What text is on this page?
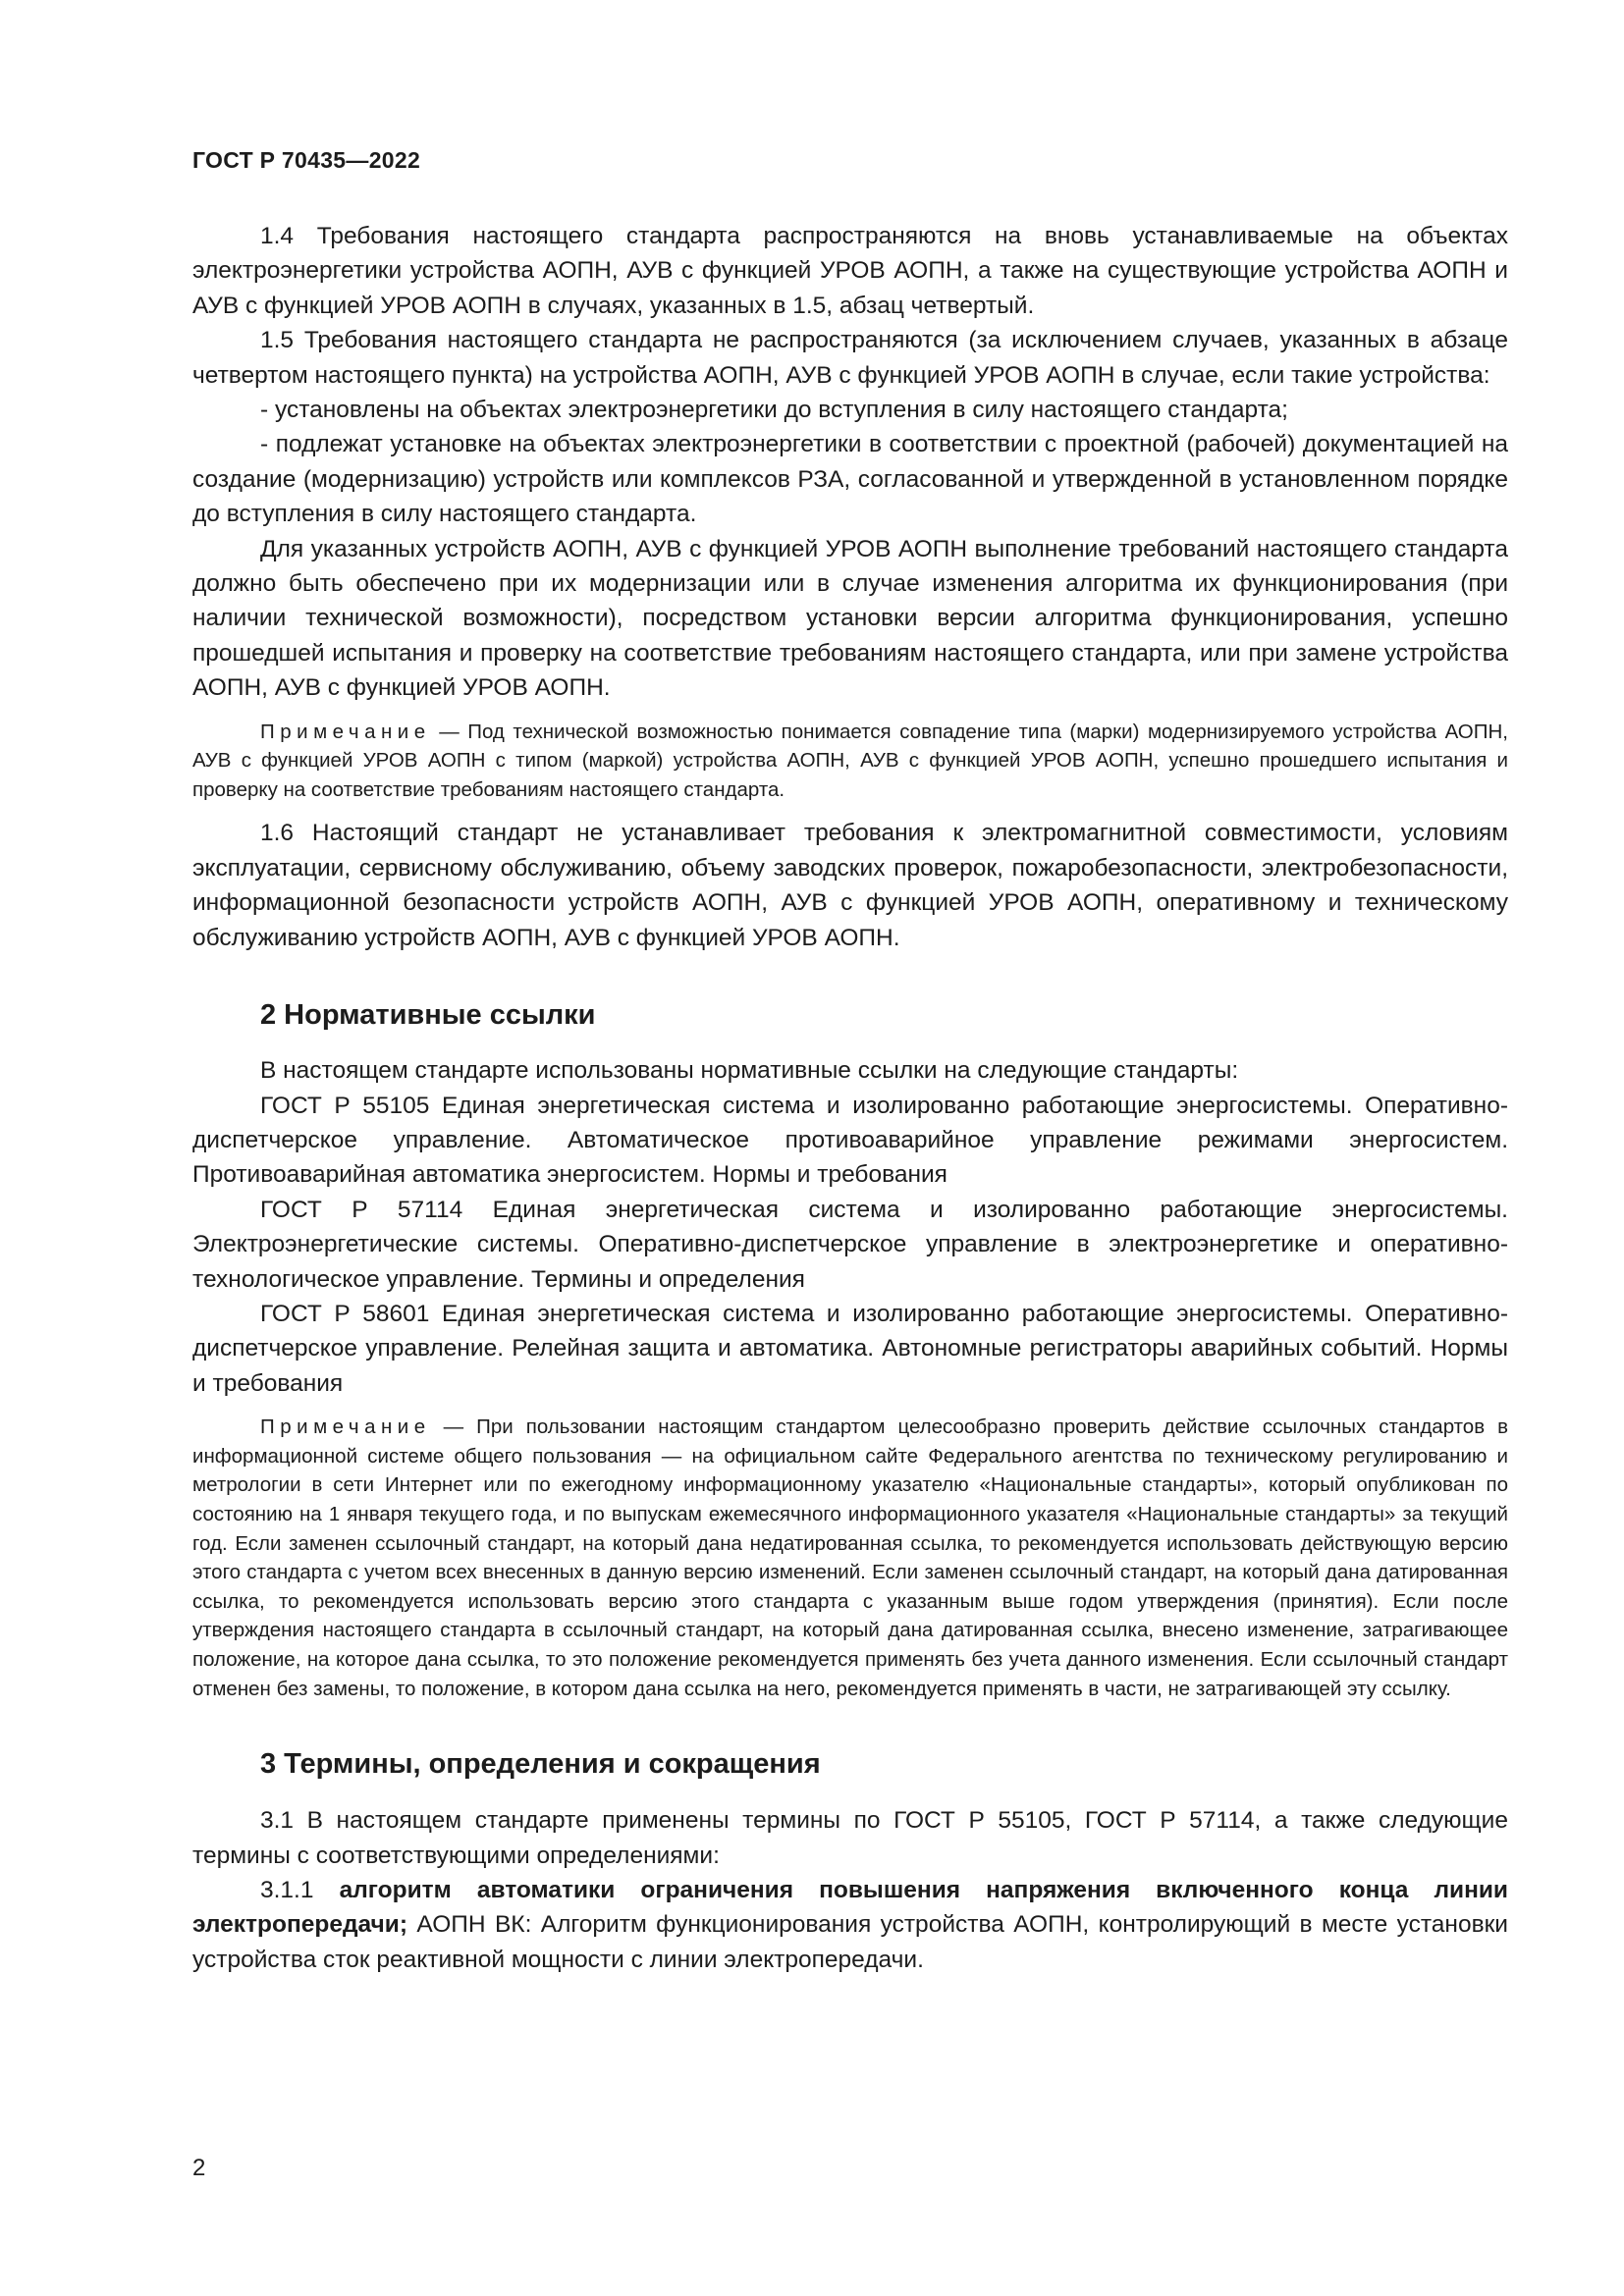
ГОСТ Р 70435—2022

1.4 Требования настоящего стандарта распространяются на вновь устанавливаемые на объектах электроэнергетики устройства АОПН, АУВ с функцией УРОВ АОПН, а также на существующие устройства АОПН и АУВ с функцией УРОВ АОПН в случаях, указанных в 1.5, абзац четвертый.

1.5 Требования настоящего стандарта не распространяются (за исключением случаев, указанных в абзаце четвертом настоящего пункта) на устройства АОПН, АУВ с функцией УРОВ АОПН в случае, если такие устройства:

- установлены на объектах электроэнергетики до вступления в силу настоящего стандарта;

- подлежат установке на объектах электроэнергетики в соответствии с проектной (рабочей) документацией на создание (модернизацию) устройств или комплексов РЗА, согласованной и утвержденной в установленном порядке до вступления в силу настоящего стандарта.

Для указанных устройств АОПН, АУВ с функцией УРОВ АОПН выполнение требований настоящего стандарта должно быть обеспечено при их модернизации или в случае изменения алгоритма их функционирования (при наличии технической возможности), посредством установки версии алгоритма функционирования, успешно прошедшей испытания и проверку на соответствие требованиям настоящего стандарта, или при замене устройства АОПН, АУВ с функцией УРОВ АОПН.

Примечание — Под технической возможностью понимается совпадение типа (марки) модернизируемого устройства АОПН, АУВ с функцией УРОВ АОПН с типом (маркой) устройства АОПН, АУВ с функцией УРОВ АОПН, успешно прошедшего испытания и проверку на соответствие требованиям настоящего стандарта.

1.6 Настоящий стандарт не устанавливает требования к электромагнитной совместимости, условиям эксплуатации, сервисному обслуживанию, объему заводских проверок, пожаробезопасности, электробезопасности, информационной безопасности устройств АОПН, АУВ с функцией УРОВ АОПН, оперативному и техническому обслуживанию устройств АОПН, АУВ с функцией УРОВ АОПН.

2 Нормативные ссылки

В настоящем стандарте использованы нормативные ссылки на следующие стандарты:

ГОСТ Р 55105 Единая энергетическая система и изолированно работающие энергосистемы. Оперативно-диспетчерское управление. Автоматическое противоаварийное управление режимами энергосистем. Противоаварийная автоматика энергосистем. Нормы и требования

ГОСТ Р 57114 Единая энергетическая система и изолированно работающие энергосистемы. Электроэнергетические системы. Оперативно-диспетчерское управление в электроэнергетике и оперативно-технологическое управление. Термины и определения

ГОСТ Р 58601 Единая энергетическая система и изолированно работающие энергосистемы. Оперативно-диспетчерское управление. Релейная защита и автоматика. Автономные регистраторы аварийных событий. Нормы и требования

Примечание — При пользовании настоящим стандартом целесообразно проверить действие ссылочных стандартов в информационной системе общего пользования — на официальном сайте Федерального агентства по техническому регулированию и метрологии в сети Интернет или по ежегодному информационному указателю «Национальные стандарты», который опубликован по состоянию на 1 января текущего года, и по выпускам ежемесячного информационного указателя «Национальные стандарты» за текущий год. Если заменен ссылочный стандарт, на который дана недатированная ссылка, то рекомендуется использовать действующую версию этого стандарта с учетом всех внесенных в данную версию изменений. Если заменен ссылочный стандарт, на который дана датированная ссылка, то рекомендуется использовать версию этого стандарта с указанным выше годом утверждения (принятия). Если после утверждения настоящего стандарта в ссылочный стандарт, на который дана датированная ссылка, внесено изменение, затрагивающее положение, на которое дана ссылка, то это положение рекомендуется применять без учета данного изменения. Если ссылочный стандарт отменен без замены, то положение, в котором дана ссылка на него, рекомендуется применять в части, не затрагивающей эту ссылку.

3 Термины, определения и сокращения

3.1 В настоящем стандарте применены термины по ГОСТ Р 55105, ГОСТ Р 57114, а также следующие термины с соответствующими определениями:

3.1.1 алгоритм автоматики ограничения повышения напряжения включенного конца линии электропередачи; АОПН ВК: Алгоритм функционирования устройства АОПН, контролирующий в месте установки устройства сток реактивной мощности с линии электропередачи.

2
